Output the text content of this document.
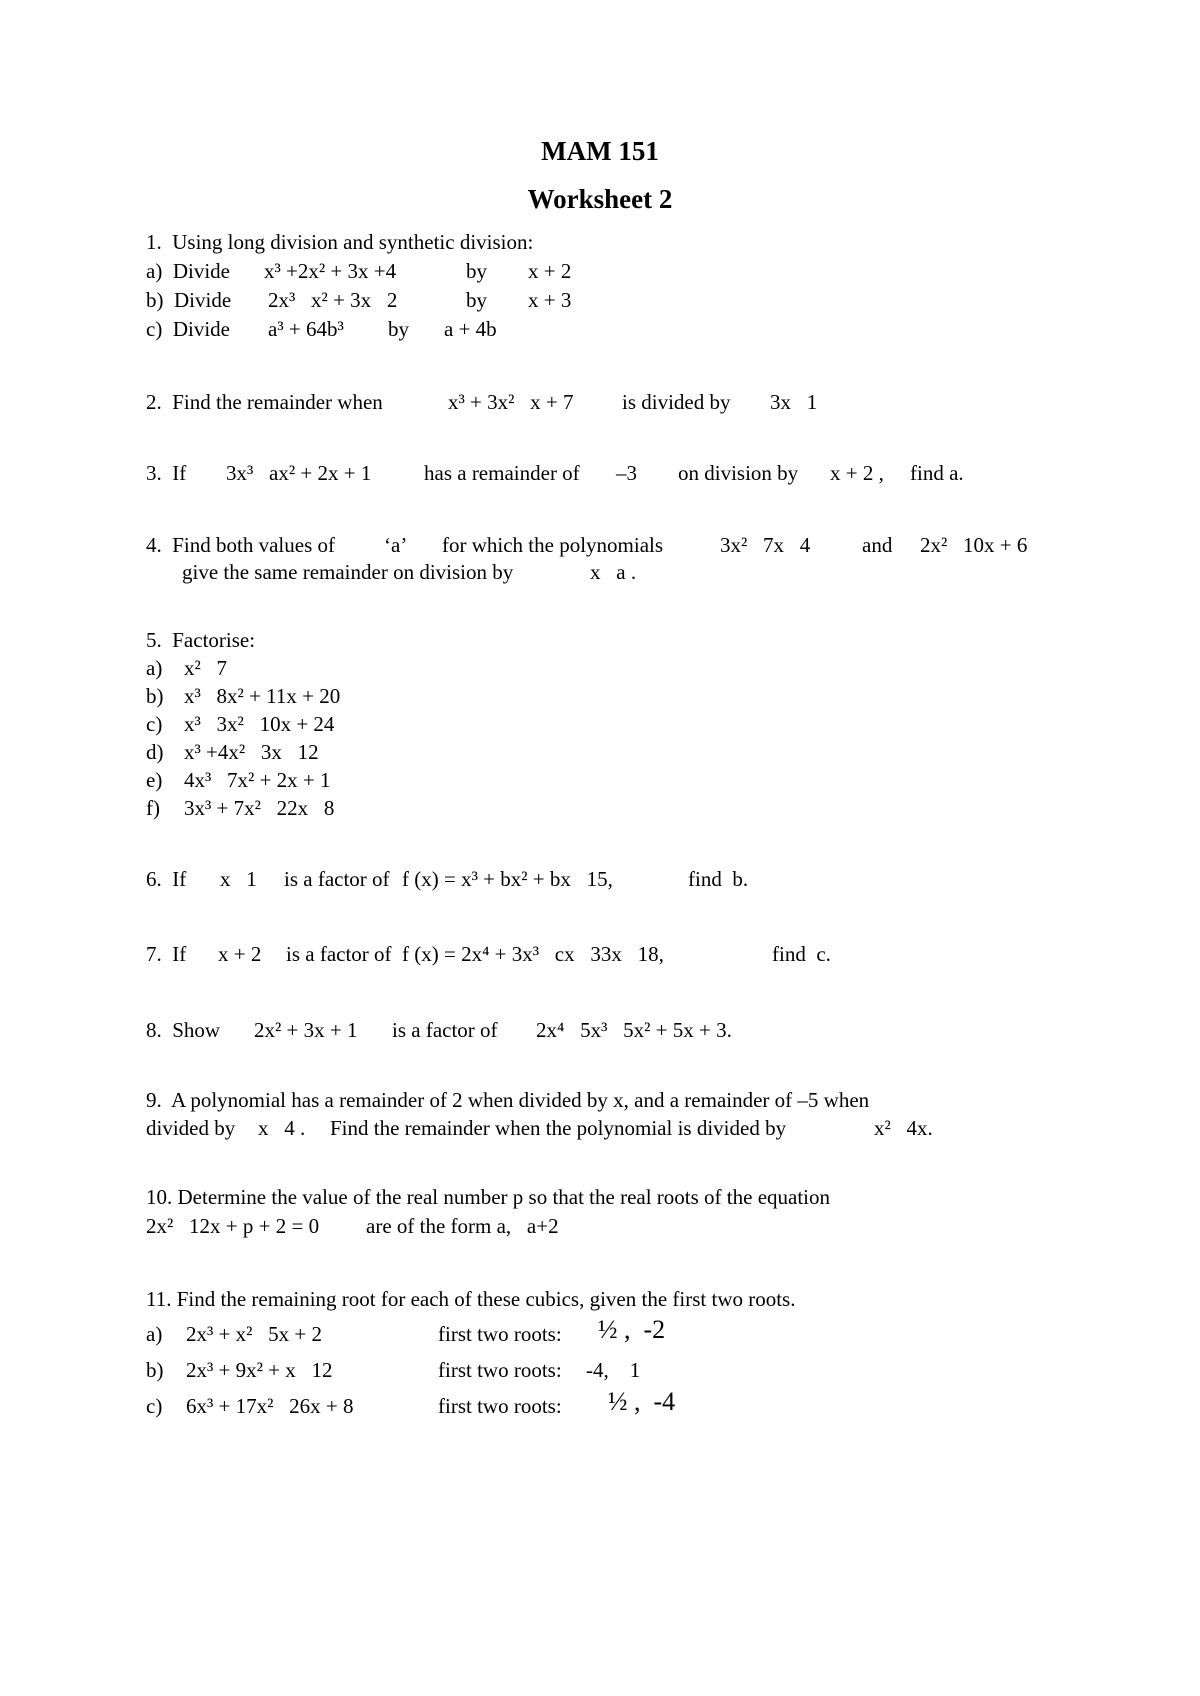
MAM 151
Worksheet 2
1.  Using long division and synthetic division:
a)  Divide x³ +2x² + 3x +4	by x + 2
b)  Divide 2x³   x² + 3x   2	by x + 3
c)  Divide a³ + 64b³ by a + 4b
2.  Find the remainder when	x³ + 3x²   x + 7 is divided by 3x   1
3.  If 3x³   ax² + 2x + 1	has a remainder of –3 on division by x + 2 , find a.
4.  Find both values of ‘a’ for which the polynomials	3x²   7x   4 and 2x²   10x + 6
give the same remainder on division by	x   a .
5.  Factorise:
a) x²   7
b) x³   8x² + 11x + 20
c) x³   3x²   10x + 24
d) x³ +4x²   3x   12
e) 4x³   7x² + 2x + 1
f) 3x³ + 7x²   22x   8
6.  If x   1 is a factor of f (x) = x³ + bx² + bx   15,	find  b.
7.  If x + 2 is a factor of f (x) = 2x⁴ + 3x³   cx   33x   18,	find  c.
8.  Show 2x² + 3x + 1 is a factor of 2x⁴   5x³   5x² + 5x + 3.
9.  A polynomial has a remainder of 2 when divided by x, and a remainder of –5 when
divided by x   4 . Find the remainder when the polynomial is divided by	x²   4x.
10. Determine the value of the real number p so that the real roots of the equation
2x²   12x + p + 2 = 0 are of the form a,   a+2
11. Find the remaining root for each of these cubics, given the first two roots.
a) 2x³ + x²   5x + 2	first two roots: ½ ,  -2
b) 2x³ + 9x² + x   12	first two roots: -4,    1
c) 6x³ + 17x²   26x + 8	first two roots: ½ ,  -4
